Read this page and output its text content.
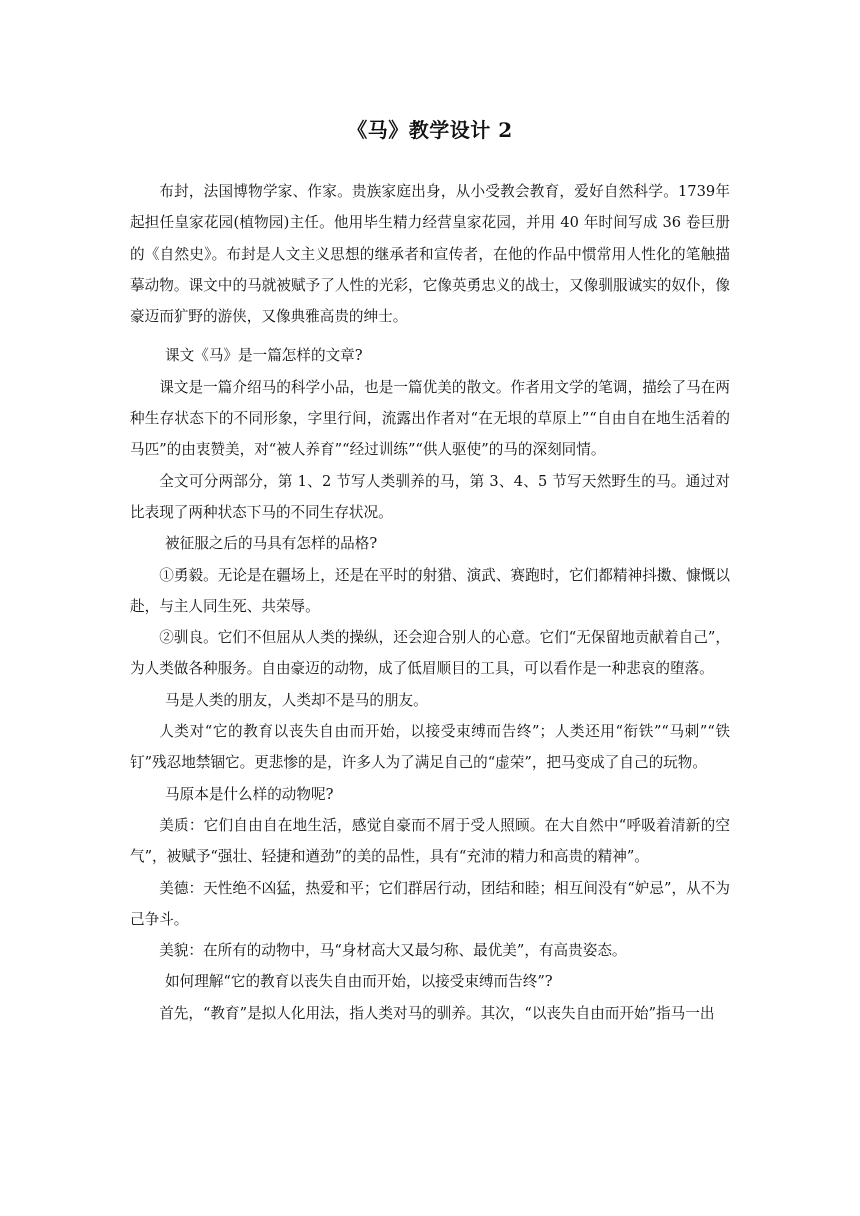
《马》教学设计 2

布封，法国博物学家、作家。贵族家庭出身，从小受教会教育，爱好自然科学。1739年起担任皇家花园(植物园)主任。他用毕生精力经营皇家花园，并用 40 年时间写成 36 卷巨册的《自然史》。布封是人文主义思想的继承者和宣传者，在他的作品中惯常用人性化的笔触描摹动物。课文中的马就被赋予了人性的光彩，它像英勇忠义的战士，又像驯服诚实的奴仆，像豪迈而犷野的游侠，又像典雅高贵的绅士。

课文《马》是一篇怎样的文章?

课文是一篇介绍马的科学小品，也是一篇优美的散文。作者用文学的笔调，描绘了马在两种生存状态下的不同形象，字里行间，流露出作者对“在无垠的草原上”“自由自在地生活着的马匹”的由衷赞美，对“被人养育”“经过训练”“供人驱使”的马的深刻同情。

全文可分两部分，第 1、2 节写人类驯养的马，第 3、4、5 节写天然野生的马。通过对比表现了两种状态下马的不同生存状况。

被征服之后的马具有怎样的品格?

①勇毅。无论是在疆场上，还是在平时的射猎、演武、赛跑时，它们都精神抖擞、慷慨以赴，与主人同生死、共荣辱。

②驯良。它们不但屈从人类的操纵，还会迎合别人的心意。它们“无保留地贡献着自己”，为人类做各种服务。自由豪迈的动物，成了低眉顺目的工具，可以看作是一种悲哀的堕落。

马是人类的朋友，人类却不是马的朋友。

人类对“它的教育以丧失自由而开始，以接受束缚而告终”；人类还用“衔铁”“马刺”“铁钉”残忍地禁锢它。更悲惨的是，许多人为了满足自己的“虚荣”，把马变成了自己的玩物。

马原本是什么样的动物呢?

美质：它们自由自在地生活，感觉自豪而不屑于受人照顾。在大自然中“呼吸着清新的空气”，被赋予“强壮、轻捷和遒劲”的美的品性，具有“充沛的精力和高贵的精神”。

美德：天性绝不凶猛，热爱和平；它们群居行动，团结和睦；相互间没有“妒忌”，从不为己争斗。

美貌：在所有的动物中，马“身材高大又最匀称、最优美”，有高贵姿态。

如何理解“它的教育以丧失自由而开始，以接受束缚而告终”?

首先，“教育”是拟人化用法，指人类对马的驯养。其次，“以丧失自由而开始”指马一出
